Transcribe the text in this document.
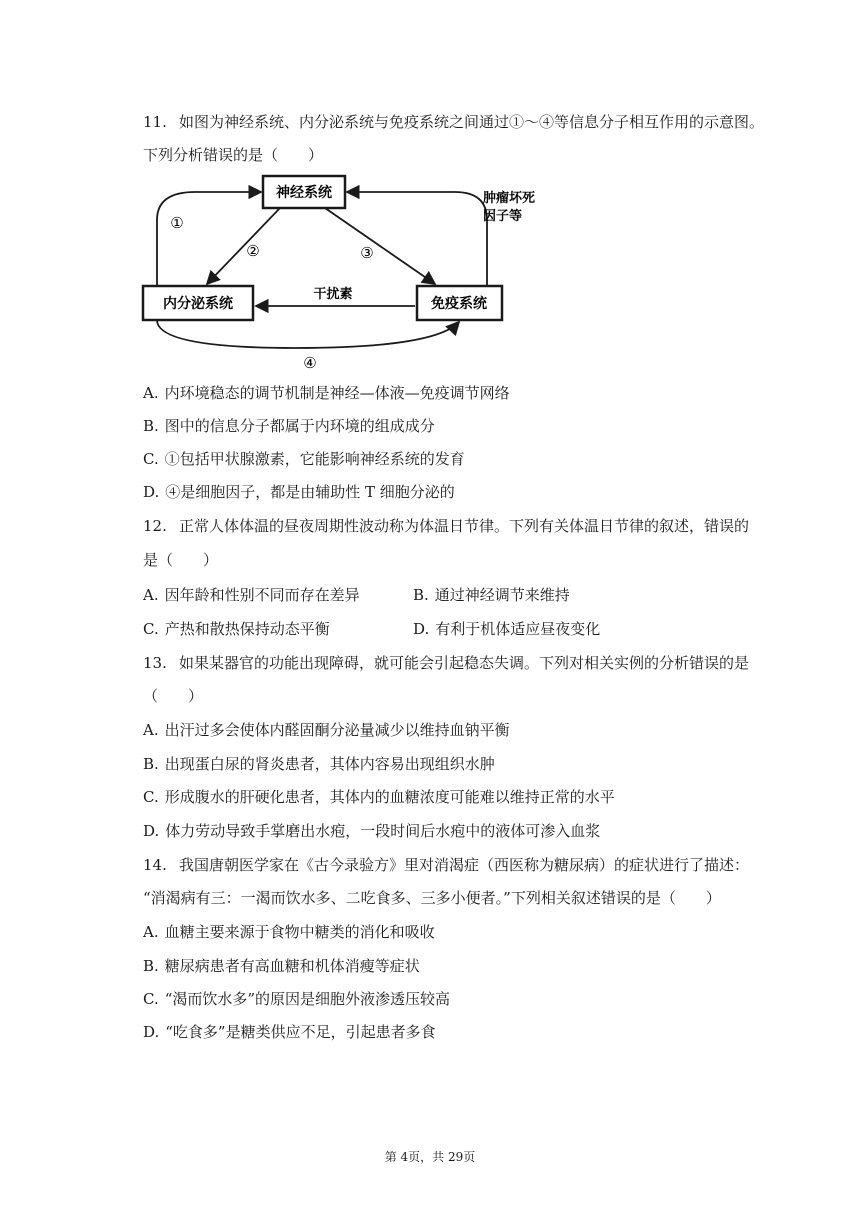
11. 如图为神经系统、内分泌系统与免疫系统之间通过①～④等信息分子相互作用的示意图。
下列分析错误的是（　　）
神经系统
内分泌系统	免疫系统
①
②	③
肿瘤坏死
因子等
干扰素
④
A. 内环境稳态的调节机制是神经—体液—免疫调节网络
B. 图中的信息分子都属于内环境的组成成分
C. ①包括甲状腺激素，它能影响神经系统的发育
D. ④是细胞因子，都是由辅助性 T 细胞分泌的
12. 正常人体体温的昼夜周期性波动称为体温日节律。下列有关体温日节律的叙述，错误的
是（　　）
A. 因年龄和性别不同而存在差异	B. 通过神经调节来维持
C. 产热和散热保持动态平衡	D. 有利于机体适应昼夜变化
13. 如果某器官的功能出现障碍，就可能会引起稳态失调。下列对相关实例的分析错误的是
（　　）
A. 出汗过多会使体内醛固酮分泌量减少以维持血钠平衡
B. 出现蛋白尿的肾炎患者，其体内容易出现组织水肿
C. 形成腹水的肝硬化患者，其体内的血糖浓度可能难以维持正常的水平
D. 体力劳动导致手掌磨出水疱，一段时间后水疱中的液体可渗入血浆
14. 我国唐朝医学家在《古今录验方》里对消渴症（西医称为糖尿病）的症状进行了描述：
“消渴病有三：一渴而饮水多、二吃食多、三多小便者。”下列相关叙述错误的是（　　）
A. 血糖主要来源于食物中糖类的消化和吸收
B. 糖尿病患者有高血糖和机体消瘦等症状
C. “渴而饮水多”的原因是细胞外液渗透压较高
D. “吃食多”是糖类供应不足，引起患者多食
第 4页，共 29页
